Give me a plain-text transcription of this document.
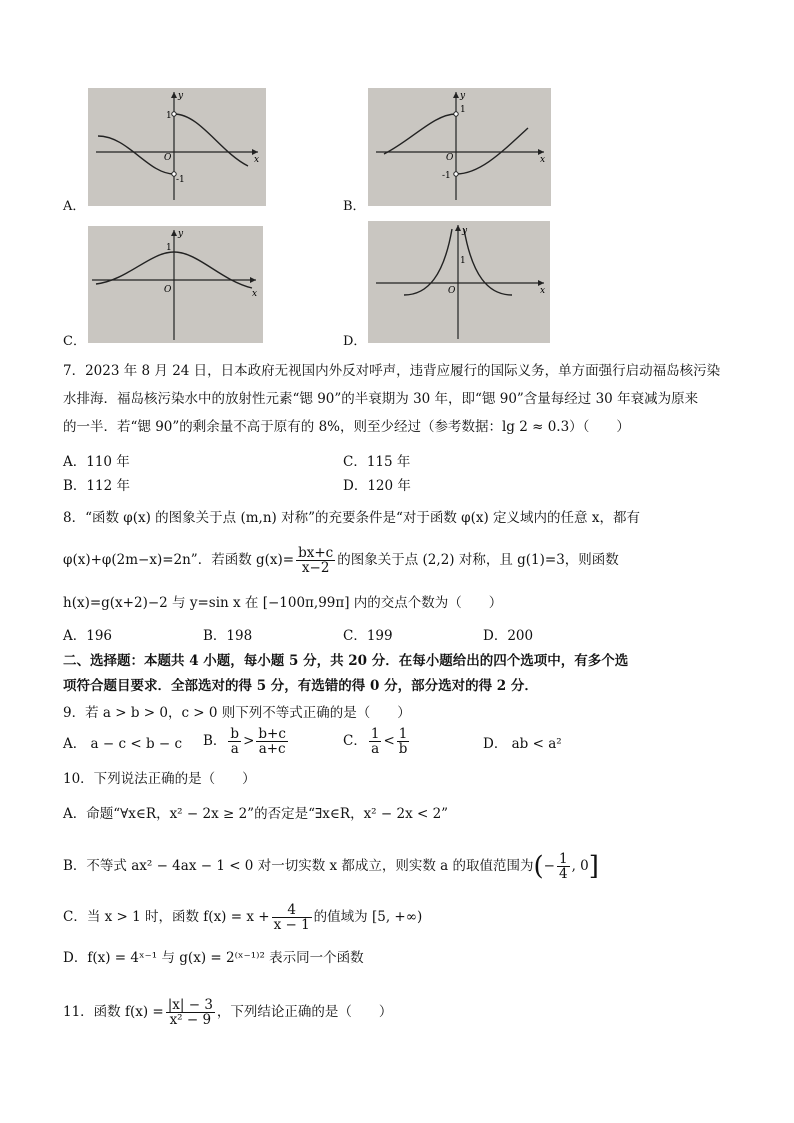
A．
y
x
O
1
-1
B．
y
x
O
1
-1
C．
y
x
O
1
D．
y
x
O
1
7．2023 年 8 月 24 日，日本政府无视国内外反对呼声，违背应履行的国际义务，单方面强行启动福岛核污染
水排海．福岛核污染水中的放射性元素“锶 90”的半衰期为 30 年，即“锶 90”含量每经过 30 年衰减为原来
的一半．若“锶 90”的剩余量不高于原有的 8%，则至少经过（参考数据：lg 2 ≈ 0.3）（　　）
A．110 年	C．115 年
B．112 年	D．120 年
8．“函数 φ(x) 的图象关于点 (m,n) 对称”的充要条件是“对于函数 φ(x) 定义域内的任意 x，都有
φ(x)+φ(2m−x)=2n”．若函数 $g(x)= \frac{bx+c}{x-2}$ 的图象关于点 (2,2) 对称，且 g(1)=3，则函数
h(x)=g(x+2)−2 与 y=sin x 在 [−100π,99π] 内的交点个数为（　　）
A．196	B．198	C．199	D．200
二、选择题：本题共 4 小题，每小题 5 分，共 20 分．在每小题给出的四个选项中，有多个选
项符合题目要求．全部选对的得 5 分，有选错的得 0 分，部分选对的得 2 分．
9．若 a > b > 0，c > 0 则下列不等式正确的是（　　）
A． a − c < b − c B． $\frac{b}{a} > \frac{b+c}{a+c}$	C． $\frac{1}{a} < \frac{1}{b}$	D． ab < a²
10．下列说法正确的是（　　）
A．命题“∀x∈R，x² − 2x ≥ 2”的否定是“∃x∈R，x² − 2x < 2”
B．不等式 ax² − 4ax − 1 < 0 对一切实数 x 都成立，则实数 a 的取值范围为(− $\frac{1}{4}$ , 0]
C．当 x > 1 时，函数 $f(x) = x + \frac{4}{x - 1}$ 的值域为 [5, +∞)
D．f(x) = 4ˣ⁻¹ 与 g(x) = 2⁽ˣ⁻¹⁾² 表示同一个函数
11．函数 $f(x) = \frac{|x| - 3}{\text{x² − 9}}$ ，下列结论正确的是（　　）
